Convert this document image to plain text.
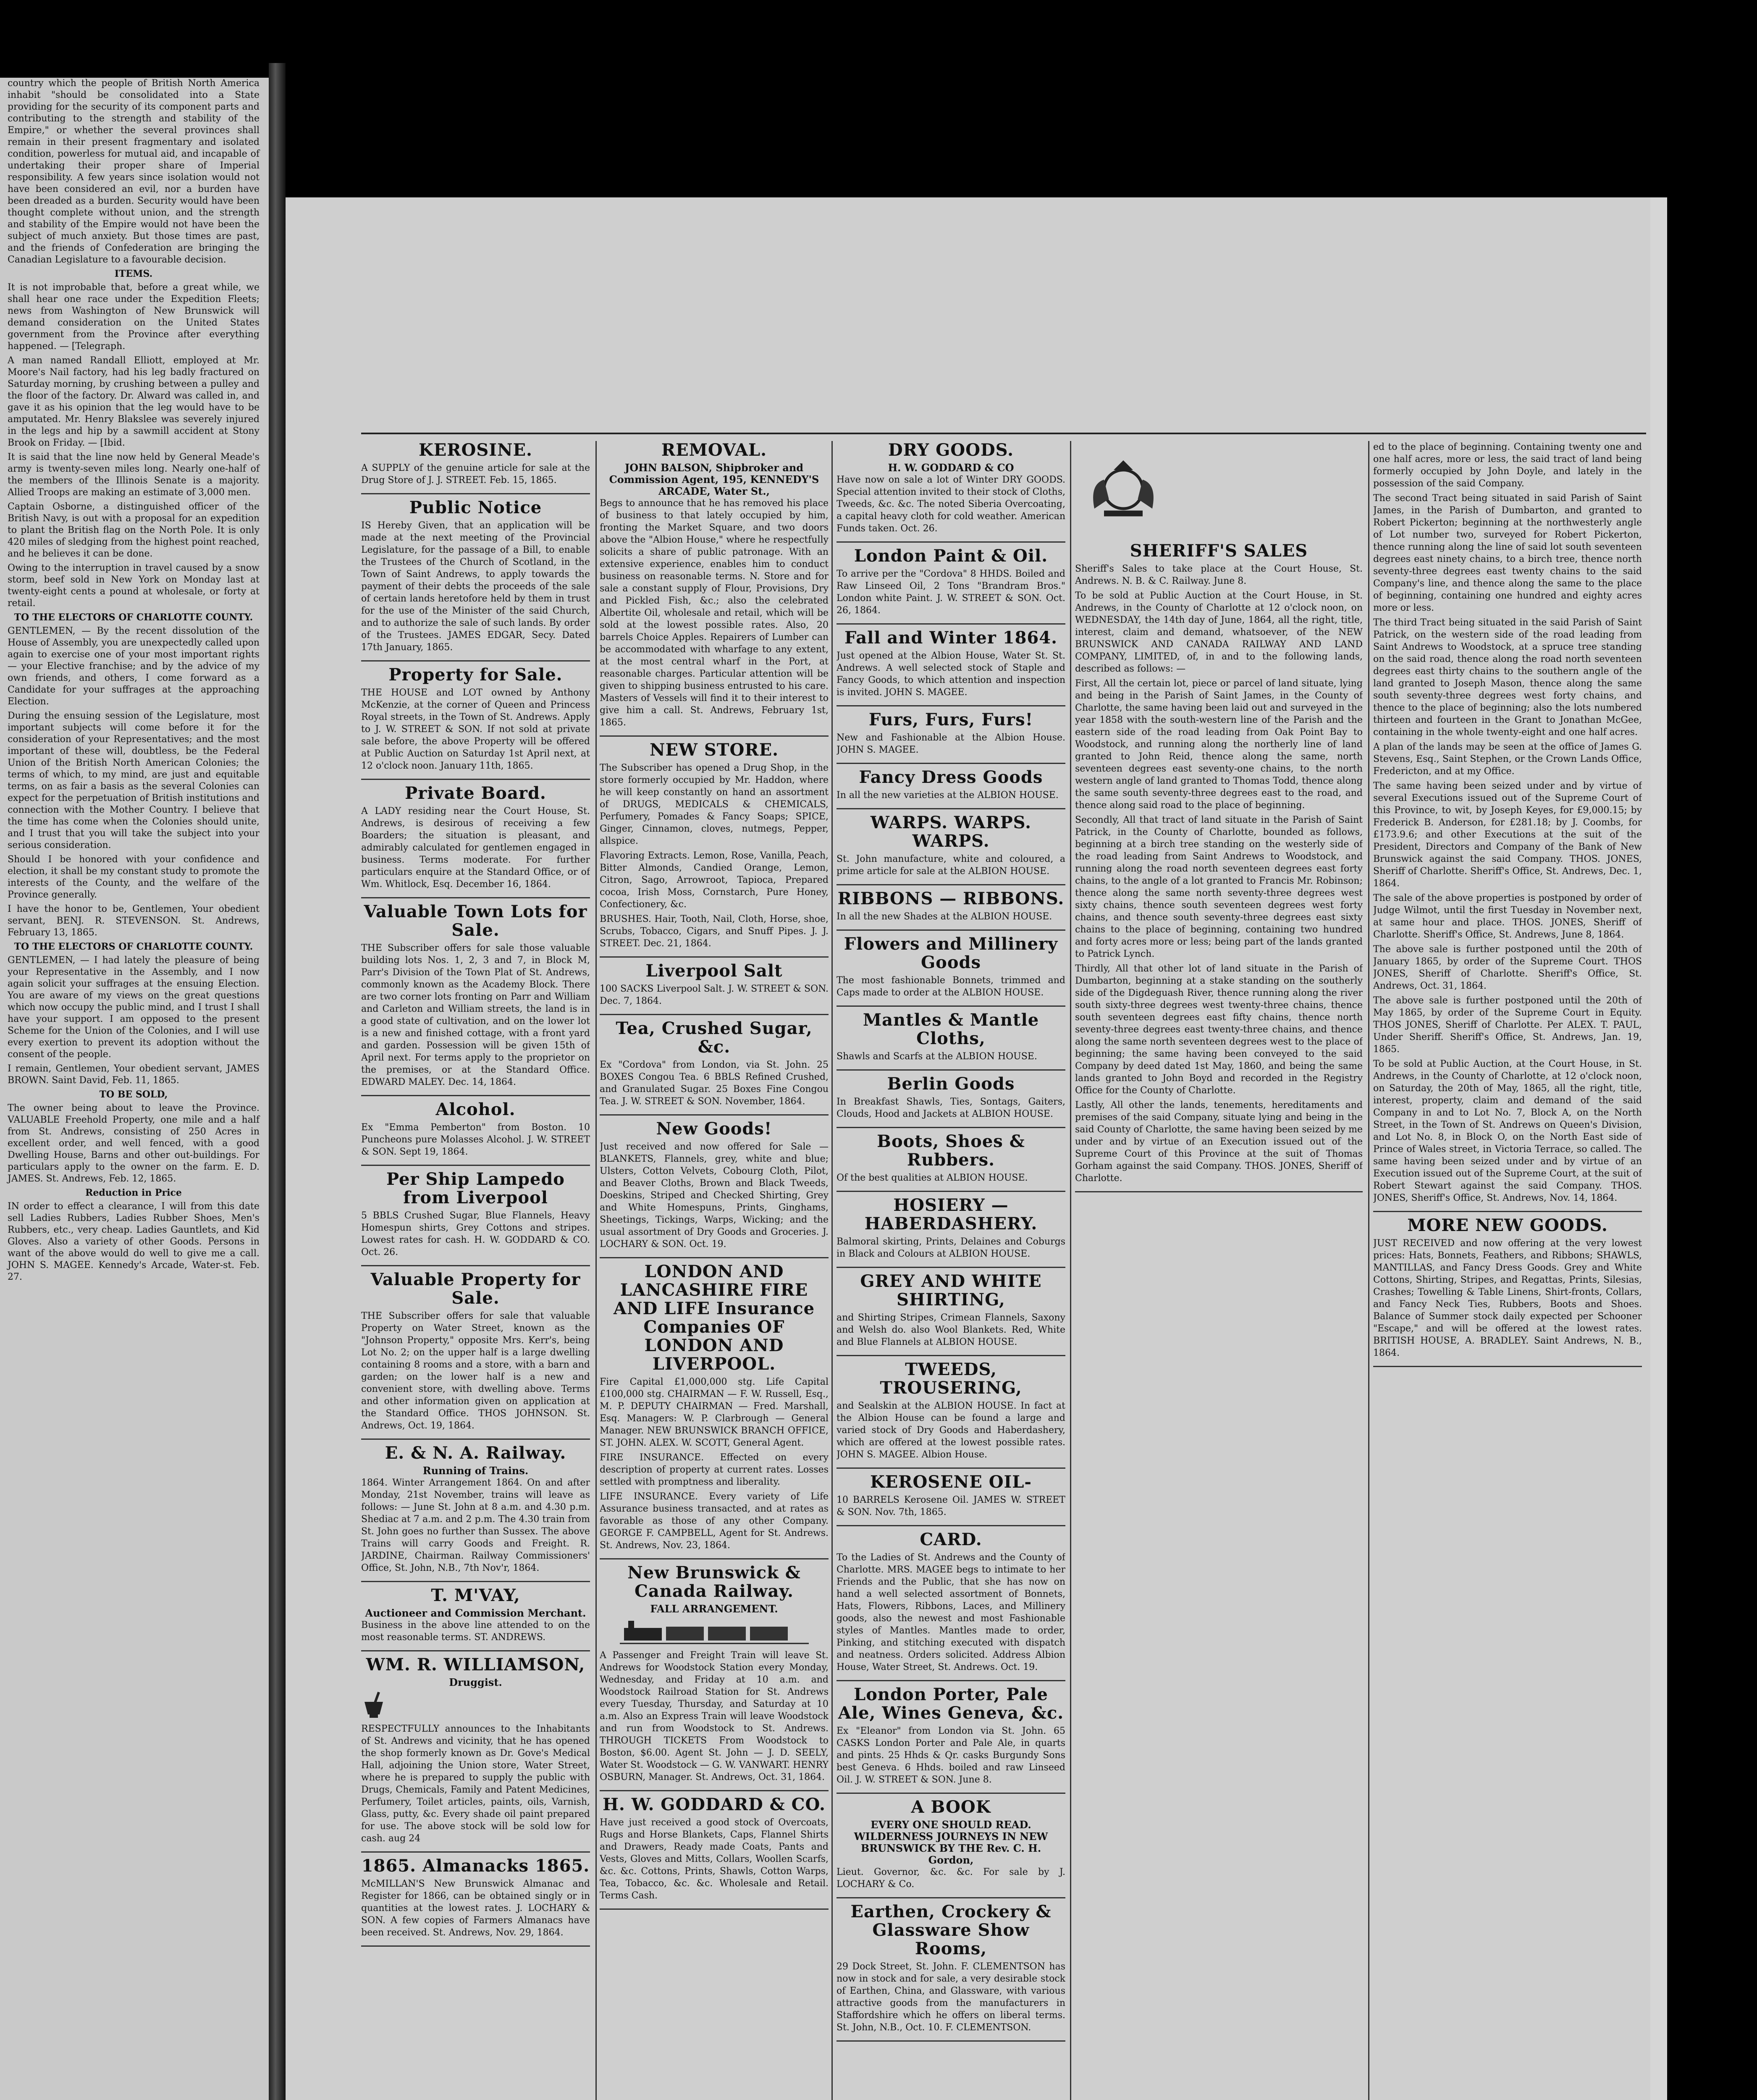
country which the people of British North America inhabit "should be consolidated into a State providing for the security of its component parts and contributing to the strength and stability of the Empire," or whether the several provinces shall remain in their present fragmentary and isolated condition, powerless for mutual aid, and incapable of undertaking their proper share of Imperial responsibility. A few years since isolation would not have been considered an evil, nor a burden have been dreaded as a burden. Security would have been thought complete without union, and the strength and stability of the Empire would not have been the subject of much anxiety. But those times are past, and the friends of Confederation are bringing the Canadian Legislature to a favourable decision.

ITEMS.

It is not improbable that, before a great while, we shall hear one race under the Expedition Fleets; news from Washington of New Brunswick will demand consideration on the United States government from the Province after everything happened. — [Telegraph.

A man named Randall Elliott, employed at Mr. Moore's Nail factory, had his leg badly fractured on Saturday morning, by crushing between a pulley and the floor of the factory. Dr. Alward was called in, and gave it as his opinion that the leg would have to be amputated. Mr. Henry Blakslee was severely injured in the legs and hip by a sawmill accident at Stony Brook on Friday. — [Ibid.

It is said that the line now held by General Meade's army is twenty-seven miles long. Nearly one-half of the members of the Illinois Senate is a majority. Allied Troops are making an estimate of 3,000 men.

Captain Osborne, a distinguished officer of the British Navy, is out with a proposal for an expedition to plant the British flag on the North Pole. It is only 420 miles of sledging from the highest point reached, and he believes it can be done.

Owing to the interruption in travel caused by a snow storm, beef sold in New York on Monday last at twenty-eight cents a pound at wholesale, or forty at retail.

TO THE ELECTORS OF CHARLOTTE COUNTY.

GENTLEMEN, — By the recent dissolution of the House of Assembly, you are unexpectedly called upon again to exercise one of your most important rights — your Elective franchise; and by the advice of my own friends, and others, I come forward as a Candidate for your suffrages at the approaching Election.

During the ensuing session of the Legislature, most important subjects will come before it for the consideration of your Representatives; and the most important of these will, doubtless, be the Federal Union of the British North American Colonies; the terms of which, to my mind, are just and equitable terms, on as fair a basis as the several Colonies can expect for the perpetuation of British institutions and connection with the Mother Country. I believe that the time has come when the Colonies should unite, and I trust that you will take the subject into your serious consideration.

Should I be honored with your confidence and election, it shall be my constant study to promote the interests of the County, and the welfare of the Province generally.

I have the honor to be, Gentlemen, Your obedient servant, BENJ. R. STEVENSON. St. Andrews, February 13, 1865.

TO THE ELECTORS OF CHARLOTTE COUNTY.

GENTLEMEN, — I had lately the pleasure of being your Representative in the Assembly, and I now again solicit your suffrages at the ensuing Election. You are aware of my views on the great questions which now occupy the public mind, and I trust I shall have your support. I am opposed to the present Scheme for the Union of the Colonies, and I will use every exertion to prevent its adoption without the consent of the people.

I remain, Gentlemen, Your obedient servant, JAMES BROWN. Saint David, Feb. 11, 1865.

TO BE SOLD,

The owner being about to leave the Province. VALUABLE Freehold Property, one mile and a half from St. Andrews, consisting of 250 Acres in excellent order, and well fenced, with a good Dwelling House, Barns and other out-buildings. For particulars apply to the owner on the farm. E. D. JAMES. St. Andrews, Feb. 12, 1865.

Reduction in Price

IN order to effect a clearance, I will from this date sell Ladies Rubbers, Ladies Rubber Shoes, Men's Rubbers, etc., very cheap. Ladies Gauntlets, and Kid Gloves. Also a variety of other Goods. Persons in want of the above would do well to give me a call. JOHN S. MAGEE. Kennedy's Arcade, Water-st. Feb. 27.

KEROSINE.

A SUPPLY of the genuine article for sale at the Drug Store of J. J. STREET. Feb. 15, 1865.

Public Notice

IS Hereby Given, that an application will be made at the next meeting of the Provincial Legislature, for the passage of a Bill, to enable the Trustees of the Church of Scotland, in the Town of Saint Andrews, to apply towards the payment of their debts the proceeds of the sale of certain lands heretofore held by them in trust for the use of the Minister of the said Church, and to authorize the sale of such lands. By order of the Trustees. JAMES EDGAR, Secy. Dated 17th January, 1865.

Property for Sale.

THE HOUSE and LOT owned by Anthony McKenzie, at the corner of Queen and Princess Royal streets, in the Town of St. Andrews. Apply to J. W. STREET & SON. If not sold at private sale before, the above Property will be offered at Public Auction on Saturday 1st April next, at 12 o'clock noon. January 11th, 1865.

Private Board.

A LADY residing near the Court House, St. Andrews, is desirous of receiving a few Boarders; the situation is pleasant, and admirably calculated for gentlemen engaged in business. Terms moderate. For further particulars enquire at the Standard Office, or of Wm. Whitlock, Esq. December 16, 1864.

Valuable Town Lots for Sale.

THE Subscriber offers for sale those valuable building lots Nos. 1, 2, 3 and 7, in Block M, Parr's Division of the Town Plat of St. Andrews, commonly known as the Academy Block. There are two corner lots fronting on Parr and William and Carleton and William streets, the land is in a good state of cultivation, and on the lower lot is a new and finished cottage, with a front yard and garden. Possession will be given 15th of April next. For terms apply to the proprietor on the premises, or at the Standard Office. EDWARD MALEY. Dec. 14, 1864.

Alcohol.

Ex "Emma Pemberton" from Boston. 10 Puncheons pure Molasses Alcohol. J. W. STREET & SON. Sept 19, 1864.

Per Ship Lampedo from Liverpool

5 BBLS Crushed Sugar, Blue Flannels, Heavy Homespun shirts, Grey Cottons and stripes. Lowest rates for cash. H. W. GODDARD & CO. Oct. 26.

Valuable Property for Sale.

THE Subscriber offers for sale that valuable Property on Water Street, known as the "Johnson Property," opposite Mrs. Kerr's, being Lot No. 2; on the upper half is a large dwelling containing 8 rooms and a store, with a barn and garden; on the lower half is a new and convenient store, with dwelling above. Terms and other information given on application at the Standard Office. THOS JOHNSON. St. Andrews, Oct. 19, 1864.

E. & N. A. Railway.
Running of Trains.

1864. Winter Arrangement 1864. On and after Monday, 21st November, trains will leave as follows: — June St. John at 8 a.m. and 4.30 p.m. Shediac at 7 a.m. and 2 p.m. The 4.30 train from St. John goes no further than Sussex. The above Trains will carry Goods and Freight. R. JARDINE, Chairman. Railway Commissioners' Office, St. John, N.B., 7th Nov'r, 1864.

T. M'VAY,
Auctioneer and Commission Merchant.

Business in the above line attended to on the most reasonable terms. ST. ANDREWS.

WM. R. WILLIAMSON,
Druggist.

RESPECTFULLY announces to the Inhabitants of St. Andrews and vicinity, that he has opened the shop formerly known as Dr. Gove's Medical Hall, adjoining the Union store, Water Street, where he is prepared to supply the public with Drugs, Chemicals, Family and Patent Medicines, Perfumery, Toilet articles, paints, oils, Varnish, Glass, putty, &c. Every shade oil paint prepared for use. The above stock will be sold low for cash. aug 24

1865. Almanacks 1865.

McMILLAN'S New Brunswick Almanac and Register for 1866, can be obtained singly or in quantities at the lowest rates. J. LOCHARY & SON. A few copies of Farmers Almanacs have been received. St. Andrews, Nov. 29, 1864.

REMOVAL.
JOHN BALSON, Shipbroker and Commission Agent, 195, KENNEDY'S ARCADE, Water St.,

Begs to announce that he has removed his place of business to that lately occupied by him, fronting the Market Square, and two doors above the "Albion House," where he respectfully solicits a share of public patronage. With an extensive experience, enables him to conduct business on reasonable terms. N. Store and for sale a constant supply of Flour, Provisions, Dry and Pickled Fish, &c.; also the celebrated Albertite Oil, wholesale and retail, which will be sold at the lowest possible rates. Also, 20 barrels Choice Apples. Repairers of Lumber can be accommodated with wharfage to any extent, at the most central wharf in the Port, at reasonable charges. Particular attention will be given to shipping business entrusted to his care. Masters of Vessels will find it to their interest to give him a call. St. Andrews, February 1st, 1865.

NEW STORE.

The Subscriber has opened a Drug Shop, in the store formerly occupied by Mr. Haddon, where he will keep constantly on hand an assortment of DRUGS, MEDICALS & CHEMICALS, Perfumery, Pomades & Fancy Soaps; SPICE, Ginger, Cinnamon, cloves, nutmegs, Pepper, allspice.

Flavoring Extracts. Lemon, Rose, Vanilla, Peach, Bitter Almonds, Candied Orange, Lemon, Citron, Sago, Arrowroot, Tapioca, Prepared cocoa, Irish Moss, Cornstarch, Pure Honey, Confectionery, &c.

BRUSHES. Hair, Tooth, Nail, Cloth, Horse, shoe, Scrubs, Tobacco, Cigars, and Snuff Pipes. J. J. STREET. Dec. 21, 1864.

Liverpool Salt

100 SACKS Liverpool Salt. J. W. STREET & SON. Dec. 7, 1864.

Tea, Crushed Sugar, &c.

Ex "Cordova" from London, via St. John. 25 BOXES Congou Tea. 6 BBLS Refined Crushed, and Granulated Sugar. 25 Boxes Fine Congou Tea. J. W. STREET & SON. November, 1864.

New Goods!

Just received and now offered for Sale — BLANKETS, Flannels, grey, white and blue; Ulsters, Cotton Velvets, Cobourg Cloth, Pilot, and Beaver Cloths, Brown and Black Tweeds, Doeskins, Striped and Checked Shirting, Grey and White Homespuns, Prints, Ginghams, Sheetings, Tickings, Warps, Wicking; and the usual assortment of Dry Goods and Groceries. J. LOCHARY & SON. Oct. 19.

LONDON AND LANCASHIRE FIRE AND LIFE Insurance Companies OF LONDON AND LIVERPOOL.

Fire Capital £1,000,000 stg. Life Capital £100,000 stg. CHAIRMAN — F. W. Russell, Esq., M. P. DEPUTY CHAIRMAN — Fred. Marshall, Esq. Managers: W. P. Clarbrough — General Manager. NEW BRUNSWICK BRANCH OFFICE, ST. JOHN. ALEX. W. SCOTT, General Agent.

FIRE INSURANCE. Effected on every description of property at current rates. Losses settled with promptness and liberality.

LIFE INSURANCE. Every variety of Life Assurance business transacted, and at rates as favorable as those of any other Company. GEORGE F. CAMPBELL, Agent for St. Andrews. St. Andrews, Nov. 23, 1864.

New Brunswick & Canada Railway.
FALL ARRANGEMENT.

A Passenger and Freight Train will leave St. Andrews for Woodstock Station every Monday, Wednesday, and Friday at 10 a.m. and Woodstock Railroad Station for St. Andrews every Tuesday, Thursday, and Saturday at 10 a.m. Also an Express Train will leave Woodstock and run from Woodstock to St. Andrews. THROUGH TICKETS From Woodstock to Boston, $6.00. Agent St. John — J. D. SEELY, Water St. Woodstock — G. W. VANWART. HENRY OSBURN, Manager. St. Andrews, Oct. 31, 1864.

H. W. GODDARD & CO.

Have just received a good stock of Overcoats, Rugs and Horse Blankets, Caps, Flannel Shirts and Drawers, Ready made Coats, Pants and Vests, Gloves and Mitts, Collars, Woollen Scarfs, &c. &c. Cottons, Prints, Shawls, Cotton Warps, Tea, Tobacco, &c. &c. Wholesale and Retail. Terms Cash.

DRY GOODS.
H. W. GODDARD & CO

Have now on sale a lot of Winter DRY GOODS. Special attention invited to their stock of Cloths, Tweeds, &c. &c. The noted Siberia Overcoating, a capital heavy cloth for cold weather. American Funds taken. Oct. 26.

London Paint & Oil.

To arrive per the "Cordova" 8 HHDS. Boiled and Raw Linseed Oil, 2 Tons "Brandram Bros." London white Paint. J. W. STREET & SON. Oct. 26, 1864.

Fall and Winter 1864.

Just opened at the Albion House, Water St. St. Andrews. A well selected stock of Staple and Fancy Goods, to which attention and inspection is invited. JOHN S. MAGEE.

Furs, Furs, Furs!

New and Fashionable at the Albion House. JOHN S. MAGEE.

Fancy Dress Goods

In all the new varieties at the ALBION HOUSE.

WARPS. WARPS. WARPS.

St. John manufacture, white and coloured, a prime article for sale at the ALBION HOUSE.

RIBBONS — RIBBONS.

In all the new Shades at the ALBION HOUSE.

Flowers and Millinery Goods

The most fashionable Bonnets, trimmed and Caps made to order at the ALBION HOUSE.

Mantles & Mantle Cloths,

Shawls and Scarfs at the ALBION HOUSE.

Berlin Goods

In Breakfast Shawls, Ties, Sontags, Gaiters, Clouds, Hood and Jackets at ALBION HOUSE.

Boots, Shoes & Rubbers.

Of the best qualities at ALBION HOUSE.

HOSIERY — HABERDASHERY.

Balmoral skirting, Prints, Delaines and Coburgs in Black and Colours at ALBION HOUSE.

GREY AND WHITE SHIRTING,

and Shirting Stripes, Crimean Flannels, Saxony and Welsh do. also Wool Blankets. Red, White and Blue Flannels at ALBION HOUSE.

TWEEDS, TROUSERING,

and Sealskin at the ALBION HOUSE. In fact at the Albion House can be found a large and varied stock of Dry Goods and Haberdashery, which are offered at the lowest possible rates. JOHN S. MAGEE. Albion House.

KEROSENE OIL-

10 BARRELS Kerosene Oil. JAMES W. STREET & SON. Nov. 7th, 1865.

CARD.

To the Ladies of St. Andrews and the County of Charlotte. MRS. MAGEE begs to intimate to her Friends and the Public, that she has now on hand a well selected assortment of Bonnets, Hats, Flowers, Ribbons, Laces, and Millinery goods, also the newest and most Fashionable styles of Mantles. Mantles made to order, Pinking, and stitching executed with dispatch and neatness. Orders solicited. Address Albion House, Water Street, St. Andrews. Oct. 19.

London Porter, Pale Ale, Wines Geneva, &c.

Ex "Eleanor" from London via St. John. 65 CASKS London Porter and Pale Ale, in quarts and pints. 25 Hhds & Qr. casks Burgundy Sons best Geneva. 6 Hhds. boiled and raw Linseed Oil. J. W. STREET & SON. June 8.

A BOOK
EVERY ONE SHOULD READ. WILDERNESS JOURNEYS IN NEW BRUNSWICK BY THE Rev. C. H. Gordon,

Lieut. Governor, &c. &c. For sale by J. LOCHARY & Co.

Earthen, Crockery & Glassware Show Rooms,

29 Dock Street, St. John. F. CLEMENTSON has now in stock and for sale, a very desirable stock of Earthen, China, and Glassware, with various attractive goods from the manufacturers in Staffordshire which he offers on liberal terms. St. John, N.B., Oct. 10. F. CLEMENTSON.

SHERIFF'S SALES

Sheriff's Sales to take place at the Court House, St. Andrews. N. B. & C. Railway. June 8.

To be sold at Public Auction at the Court House, in St. Andrews, in the County of Charlotte at 12 o'clock noon, on WEDNESDAY, the 14th day of June, 1864, all the right, title, interest, claim and demand, whatsoever, of the NEW BRUNSWICK AND CANADA RAILWAY AND LAND COMPANY, LIMITED, of, in and to the following lands, described as follows: —

First, All the certain lot, piece or parcel of land situate, lying and being in the Parish of Saint James, in the County of Charlotte, the same having been laid out and surveyed in the year 1858 with the south-western line of the Parish and the eastern side of the road leading from Oak Point Bay to Woodstock, and running along the northerly line of land granted to John Reid, thence along the same, north seventeen degrees east seventy-one chains, to the north western angle of land granted to Thomas Todd, thence along the same south seventy-three degrees east to the road, and thence along said road to the place of beginning.

Secondly, All that tract of land situate in the Parish of Saint Patrick, in the County of Charlotte, bounded as follows, beginning at a birch tree standing on the westerly side of the road leading from Saint Andrews to Woodstock, and running along the road north seventeen degrees east forty chains, to the angle of a lot granted to Francis Mr. Robinson; thence along the same north seventy-three degrees west sixty chains, thence south seventeen degrees west forty chains, and thence south seventy-three degrees east sixty chains to the place of beginning, containing two hundred and forty acres more or less; being part of the lands granted to Patrick Lynch.

Thirdly, All that other lot of land situate in the Parish of Dumbarton, beginning at a stake standing on the southerly side of the Digdeguash River, thence running along the river south sixty-three degrees west twenty-three chains, thence south seventeen degrees east fifty chains, thence north seventy-three degrees east twenty-three chains, and thence along the same north seventeen degrees west to the place of beginning; the same having been conveyed to the said Company by deed dated 1st May, 1860, and being the same lands granted to John Boyd and recorded in the Registry Office for the County of Charlotte.

Lastly, All other the lands, tenements, hereditaments and premises of the said Company, situate lying and being in the said County of Charlotte, the same having been seized by me under and by virtue of an Execution issued out of the Supreme Court of this Province at the suit of Thomas Gorham against the said Company. THOS. JONES, Sheriff of Charlotte.

ed to the place of beginning. Containing twenty one and one half acres, more or less, the said tract of land being formerly occupied by John Doyle, and lately in the possession of the said Company.

The second Tract being situated in said Parish of Saint James, in the Parish of Dumbarton, and granted to Robert Pickerton; beginning at the northwesterly angle of Lot number two, surveyed for Robert Pickerton, thence running along the line of said lot south seventeen degrees east ninety chains, to a birch tree, thence north seventy-three degrees east twenty chains to the said Company's line, and thence along the same to the place of beginning, containing one hundred and eighty acres more or less.

The third Tract being situated in the said Parish of Saint Patrick, on the western side of the road leading from Saint Andrews to Woodstock, at a spruce tree standing on the said road, thence along the road north seventeen degrees east thirty chains to the southern angle of the land granted to Joseph Mason, thence along the same south seventy-three degrees west forty chains, and thence to the place of beginning; also the lots numbered thirteen and fourteen in the Grant to Jonathan McGee, containing in the whole twenty-eight and one half acres.

A plan of the lands may be seen at the office of James G. Stevens, Esq., Saint Stephen, or the Crown Lands Office, Fredericton, and at my Office.

The same having been seized under and by virtue of several Executions issued out of the Supreme Court of this Province, to wit, by Joseph Keyes, for £9,000.15; by Frederick B. Anderson, for £281.18; by J. Coombs, for £173.9.6; and other Executions at the suit of the President, Directors and Company of the Bank of New Brunswick against the said Company. THOS. JONES, Sheriff of Charlotte. Sheriff's Office, St. Andrews, Dec. 1, 1864.

The sale of the above properties is postponed by order of Judge Wilmot, until the first Tuesday in November next, at same hour and place. THOS. JONES, Sheriff of Charlotte. Sheriff's Office, St. Andrews, June 8, 1864.

The above sale is further postponed until the 20th of January 1865, by order of the Supreme Court. THOS JONES, Sheriff of Charlotte. Sheriff's Office, St. Andrews, Oct. 31, 1864.

The above sale is further postponed until the 20th of May 1865, by order of the Supreme Court in Equity. THOS JONES, Sheriff of Charlotte. Per ALEX. T. PAUL, Under Sheriff. Sheriff's Office, St. Andrews, Jan. 19, 1865.

To be sold at Public Auction, at the Court House, in St. Andrews, in the County of Charlotte, at 12 o'clock noon, on Saturday, the 20th of May, 1865, all the right, title, interest, property, claim and demand of the said Company in and to Lot No. 7, Block A, on the North Street, in the Town of St. Andrews on Queen's Division, and Lot No. 8, in Block O, on the North East side of Prince of Wales street, in Victoria Terrace, so called. The same having been seized under and by virtue of an Execution issued out of the Supreme Court, at the suit of Robert Stewart against the said Company. THOS. JONES, Sheriff's Office, St. Andrews, Nov. 14, 1864.

MORE NEW GOODS.

JUST RECEIVED and now offering at the very lowest prices: Hats, Bonnets, Feathers, and Ribbons; SHAWLS, MANTILLAS, and Fancy Dress Goods. Grey and White Cottons, Shirting, Stripes, and Regattas, Prints, Silesias, Crashes; Towelling & Table Linens, Shirt-fronts, Collars, and Fancy Neck Ties, Rubbers, Boots and Shoes. Balance of Summer stock daily expected per Schooner "Escape," and will be offered at the lowest rates. BRITISH HOUSE, A. BRADLEY. Saint Andrews, N. B., 1864.
